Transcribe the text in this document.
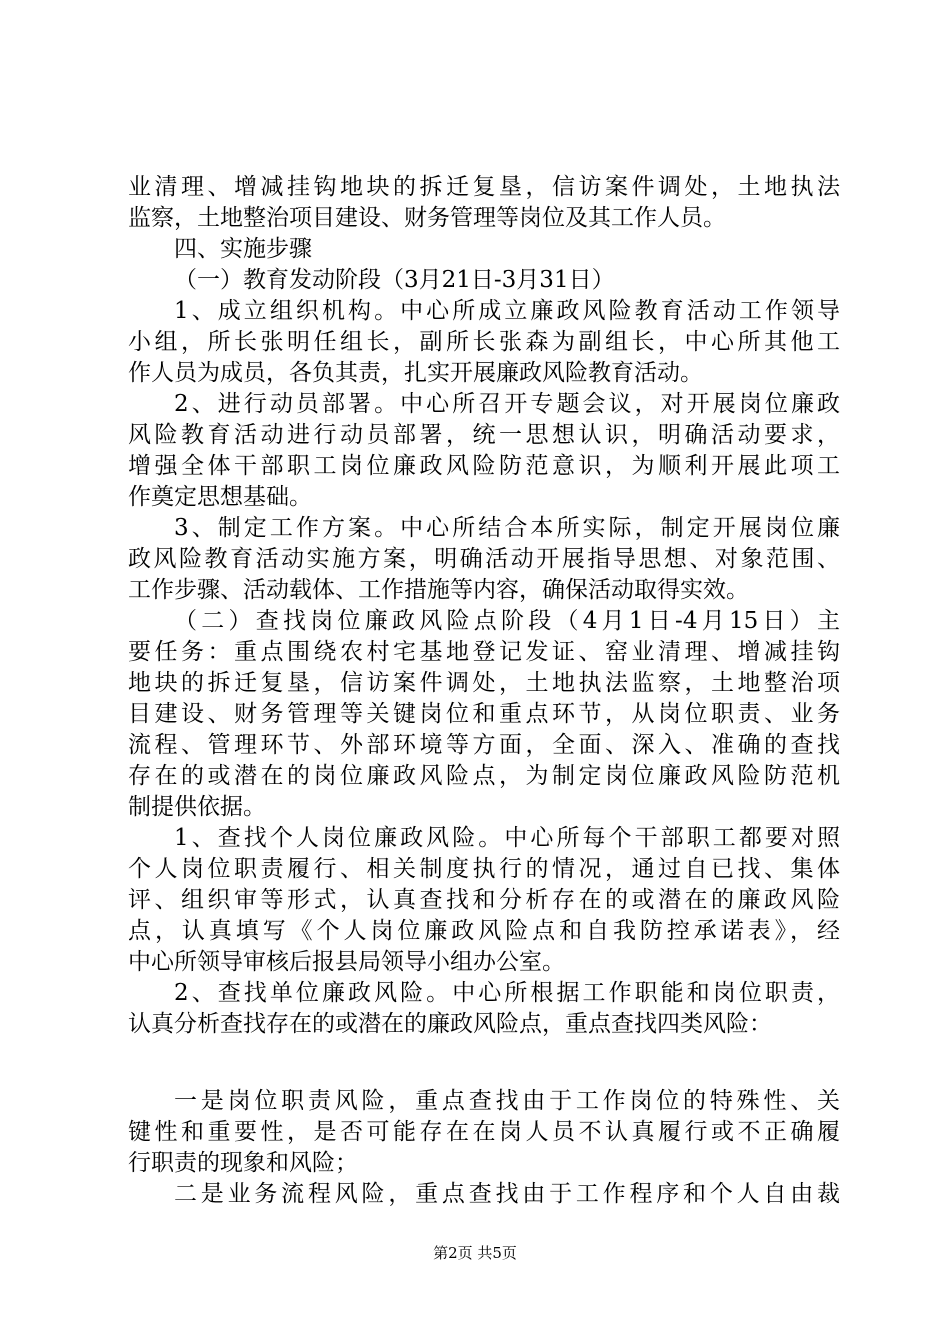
业清理、增减挂钩地块的拆迁复垦，信访案件调处，土地执法
监察，土地整治项目建设、财务管理等岗位及其工作人员。
四、实施步骤
（一）教育发动阶段（3月21日-3月31日）
1、成立组织机构。中心所成立廉政风险教育活动工作领导
小组，所长张明任组长，副所长张森为副组长，中心所其他工
作人员为成员，各负其责，扎实开展廉政风险教育活动。
2、进行动员部署。中心所召开专题会议，对开展岗位廉政
风险教育活动进行动员部署，统一思想认识，明确活动要求，
增强全体干部职工岗位廉政风险防范意识，为顺利开展此项工
作奠定思想基础。
3、制定工作方案。中心所结合本所实际，制定开展岗位廉
政风险教育活动实施方案，明确活动开展指导思想、对象范围、
工作步骤、活动载体、工作措施等内容，确保活动取得实效。
（二）查找岗位廉政风险点阶段（4月1日-4月15日）主
要任务：重点围绕农村宅基地登记发证、窑业清理、增减挂钩
地块的拆迁复垦，信访案件调处，土地执法监察，土地整治项
目建设、财务管理等关键岗位和重点环节，从岗位职责、业务
流程、管理环节、外部环境等方面，全面、深入、准确的查找
存在的或潜在的岗位廉政风险点，为制定岗位廉政风险防范机
制提供依据。
1、查找个人岗位廉政风险。中心所每个干部职工都要对照
个人岗位职责履行、相关制度执行的情况，通过自已找、集体
评、组织审等形式，认真查找和分析存在的或潜在的廉政风险
点，认真填写《个人岗位廉政风险点和自我防控承诺表》，经
中心所领导审核后报县局领导小组办公室。
2、查找单位廉政风险。中心所根据工作职能和岗位职责，
认真分析查找存在的或潜在的廉政风险点，重点查找四类风险：
一是岗位职责风险，重点查找由于工作岗位的特殊性、关
键性和重要性，是否可能存在在岗人员不认真履行或不正确履
行职责的现象和风险；
二是业务流程风险，重点查找由于工作程序和个人自由裁
第2页 共5页
